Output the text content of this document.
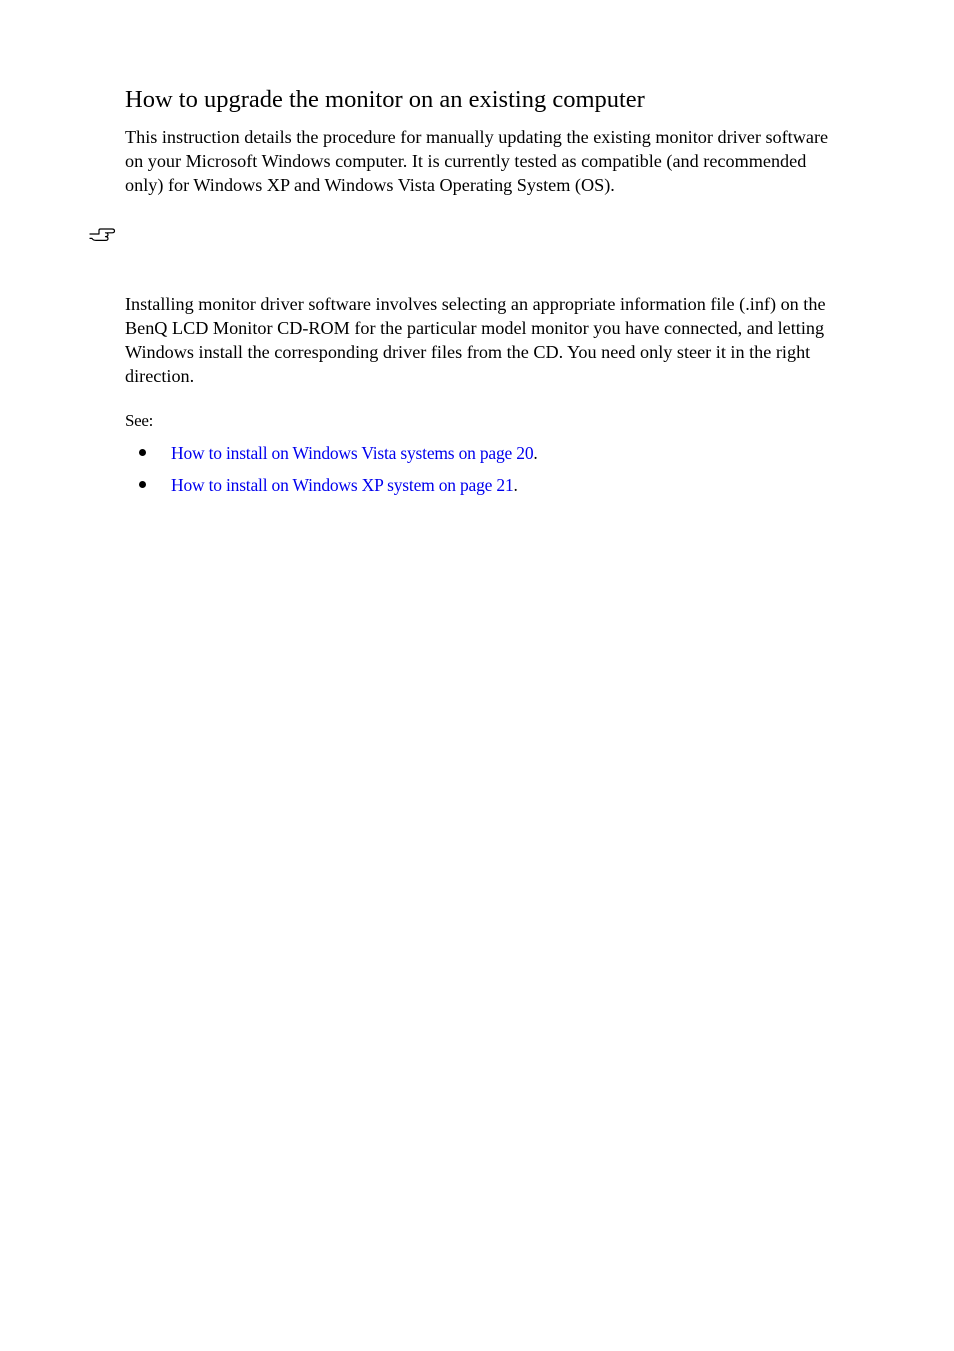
How to upgrade the monitor on an existing computer

This instruction details the procedure for manually updating the existing monitor driver software
on your Microsoft Windows computer. It is currently tested as compatible (and recommended
only) for Windows XP and Windows Vista Operating System (OS).

Installing monitor driver software involves selecting an appropriate information file (.inf) on the
BenQ LCD Monitor CD-ROM for the particular model monitor you have connected, and letting
Windows install the corresponding driver files from the CD. You need only steer it in the right
direction.

See:

How to install on Windows Vista systems on page 20.
How to install on Windows XP system on page 21.
